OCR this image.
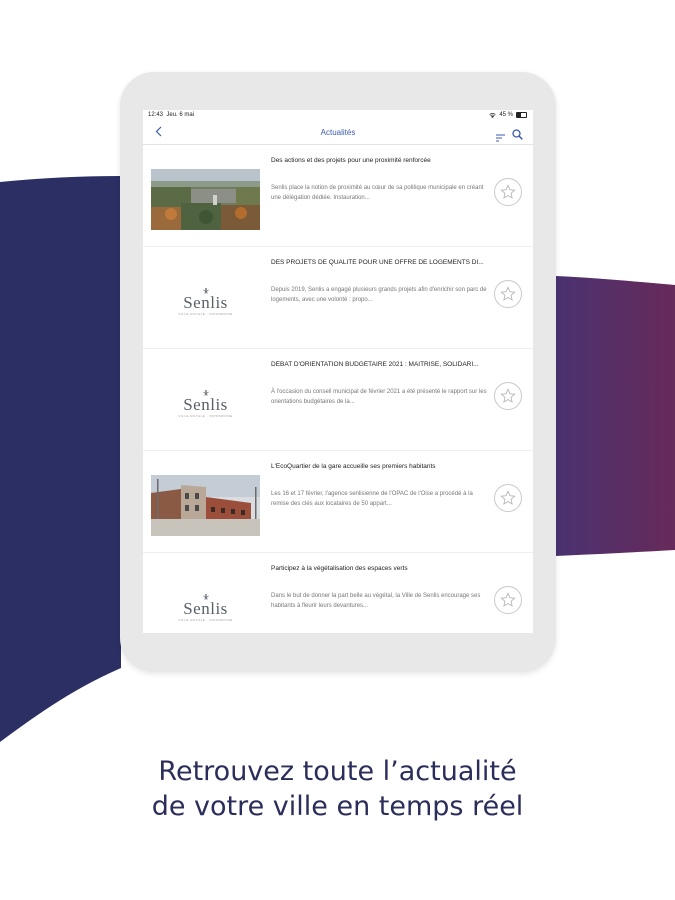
12:43 Jeu. 6 mai	45 %
Actualités
Des actions et des projets pour une proximité renforcée
Senlis place la notion de proximité au cœur de sa politique municipale en créant une délégation dédiée. Instauration...
Senlis
VILLE ROYALE · PATRIMOINE
DES PROJETS DE QUALITÉ POUR UNE OFFRE DE LOGEMENTS DI...
Depuis 2019, Senlis a engagé plusieurs grands projets afin d'enrichir son parc de logements, avec une volonté : propo...
Senlis
VILLE ROYALE · PATRIMOINE
DÉBAT D'ORIENTATION BUDGÉTAIRE 2021 : MAITRISE, SOLIDARI...
À l'occasion du conseil municipal de février 2021 a été présenté le rapport sur les orientations budgétaires de la...
L'ÉcoQuartier de la gare accueille ses premiers habitants
Les 16 et 17 février, l'agence senlisienne de l'OPAC de l'Oise a procédé à la remise des clés aux locataires de 50 appart...
Senlis
VILLE ROYALE · PATRIMOINE
Participez à la végétalisation des espaces verts
Dans le but de donner la part belle au végétal, la Ville de Senlis encourage ses habitants à fleurir leurs devantures...
Retrouvez toute l’actualité
de votre ville en temps réel
